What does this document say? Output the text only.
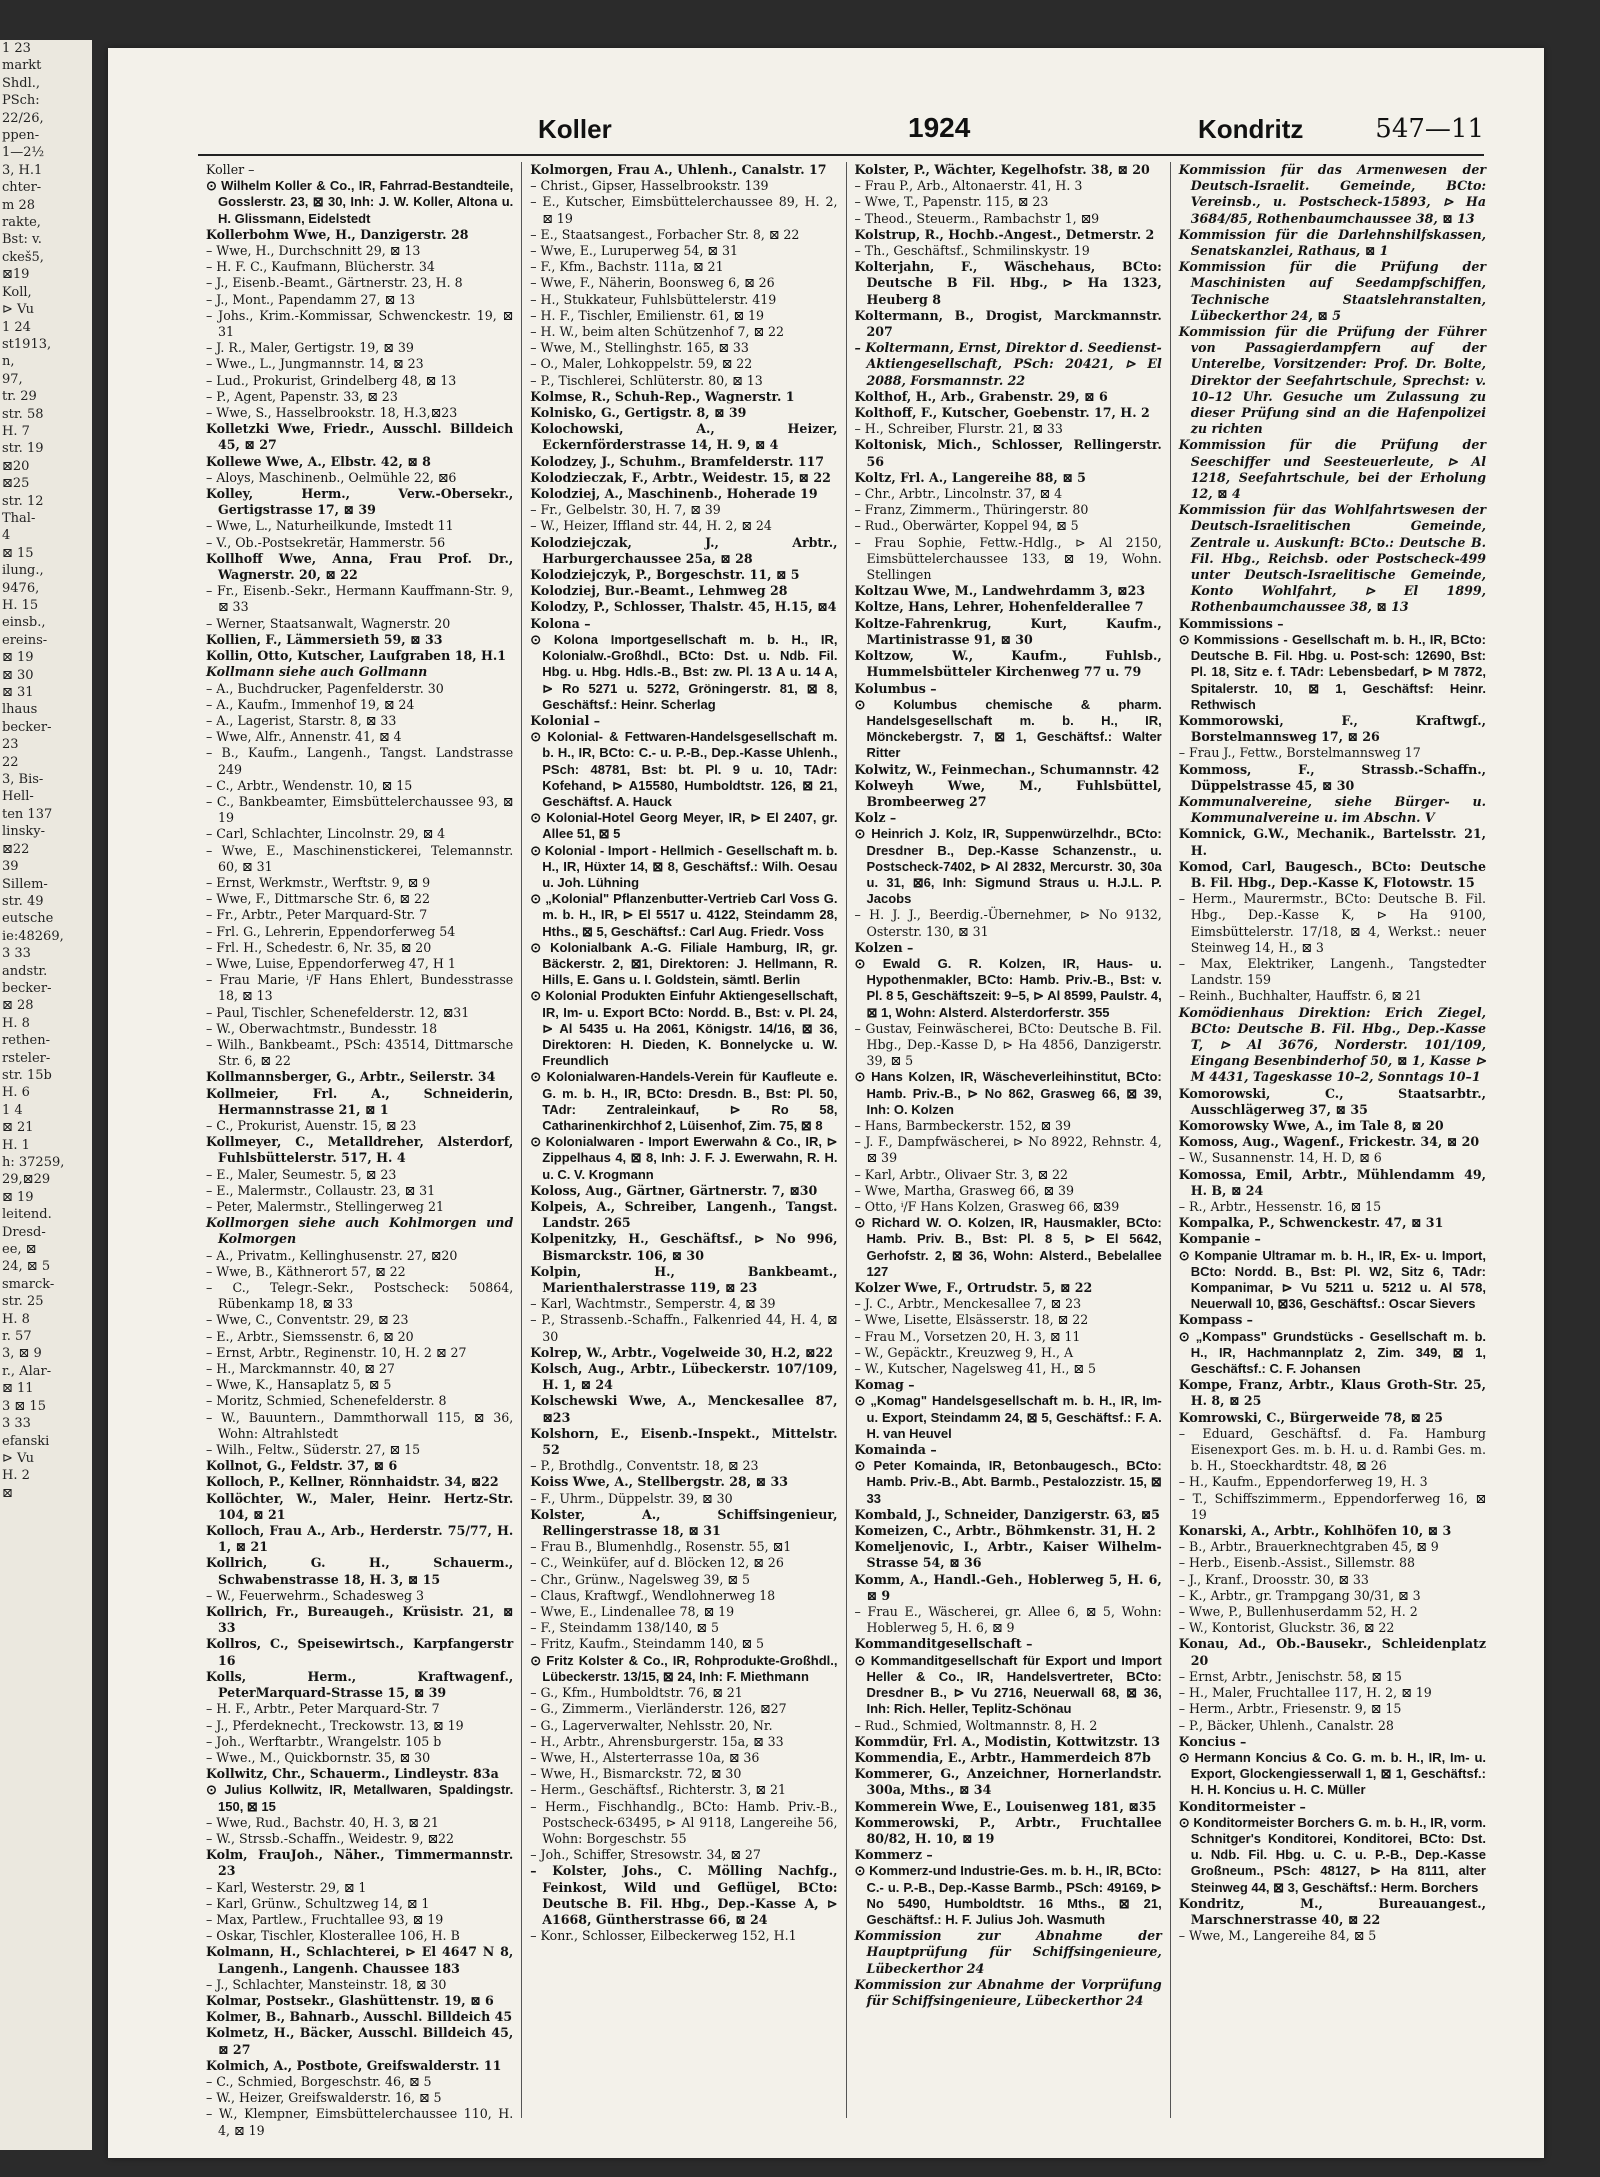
1 23
markt
Shdl.,
PSch:
22/26,
ppen-
1—2½
3, H.1
chter-
m 28
rakte,
Bst: v.
ckeš5,
⊠19
Koll,
⊳ Vu
1 24
st1913,
n,
97,
tr. 29
str. 58
H. 7
str. 19
⊠20
⊠25
str. 12
Thal-
4
⊠ 15
ilung.,
9476,
H. 15
einsb.,
ereins-
⊠ 19
⊠ 30
⊠ 31
lhaus
becker-
23
22
3, Bis-
Hell-
ten 137
linsky-
⊠22
39
Sillem-
str. 49
eutsche
ie:48269,
3 33
andstr.
becker-
⊠ 28
H. 8
rethen-
rsteler-
str. 15b
H. 6
1 4
⊠ 21
H. 1
h: 37259,
29,⊠29
⊠ 19
leitend.
Dresd-
ee, ⊠
24, ⊠ 5
smarck-
str. 25
H. 8
r. 57
3, ⊠ 9
r., Alar-
⊠ 11
3 ⊠ 15
3 33
efanski
⊳ Vu
H. 2
⊠
Koller	1924	Kondritz	547—11
Koller –
⊙ Wilhelm Koller & Co., IR, Fahrrad-Bestandteile, Gosslerstr. 23, ⊠ 30, Inh: J. W. Koller, Altona u. H. Glissmann, Eidelstedt
Kollerbohm Wwe, H., Danzigerstr. 28
– Wwe, H., Durchschnitt 29, ⊠ 13
– H. F. C., Kaufmann, Blücherstr. 34
– J., Eisenb.-Beamt., Gärtnerstr. 23, H. 8
– J., Mont., Papendamm 27, ⊠ 13
– Johs., Krim.-Kommissar, Schwenckestr. 19, ⊠ 31
– J. R., Maler, Gertigstr. 19, ⊠ 39
– Wwe., L., Jungmannstr. 14, ⊠ 23
– Lud., Prokurist, Grindelberg 48, ⊠ 13
– P., Agent, Papenstr. 33, ⊠ 23
– Wwe, S., Hasselbrookstr. 18, H.3,⊠23
Kolletzki Wwe, Friedr., Ausschl. Billdeich 45, ⊠ 27
Kollewe Wwe, A., Elbstr. 42, ⊠ 8
– Aloys, Maschinenb., Oelmühle 22, ⊠6
Kolley, Herm., Verw.-Obersekr., Gertigstrasse 17, ⊠ 39
– Wwe, L., Naturheilkunde, Imstedt 11
– V., Ob.-Postsekretär, Hammerstr. 56
Kollhoff Wwe, Anna, Frau Prof. Dr., Wagnerstr. 20, ⊠ 22
– Fr., Eisenb.-Sekr., Hermann Kauffmann-Str. 9, ⊠ 33
– Werner, Staatsanwalt, Wagnerstr. 20
Kollien, F., Lämmersieth 59, ⊠ 33
Kollin, Otto, Kutscher, Laufgraben 18, H.1
Kollmann siehe auch Gollmann
– A., Buchdrucker, Pagenfelderstr. 30
– A., Kaufm., Immenhof 19, ⊠ 24
– A., Lagerist, Starstr. 8, ⊠ 33
– Wwe, Alfr., Annenstr. 41, ⊠ 4
– B., Kaufm., Langenh., Tangst. Landstrasse 249
– C., Arbtr., Wendenstr. 10, ⊠ 15
– C., Bankbeamter, Eimsbüttelerchaussee 93, ⊠ 19
– Carl, Schlachter, Lincolnstr. 29, ⊠ 4
– Wwe, E., Maschinenstickerei, Telemannstr. 60, ⊠ 31
– Ernst, Werkmstr., Werftstr. 9, ⊠ 9
– Wwe, F., Dittmarsche Str. 6, ⊠ 22
– Fr., Arbtr., Peter Marquard-Str. 7
– Frl. G., Lehrerin, Eppendorferweg 54
– Frl. H., Schedestr. 6, Nr. 35, ⊠ 20
– Wwe, Luise, Eppendorferweg 47, H 1
– Frau Marie, ⁱ/F Hans Ehlert, Bundesstrasse 18, ⊠ 13
– Paul, Tischler, Schenefelderstr. 12, ⊠31
– W., Oberwachtmstr., Bundesstr. 18
– Wilh., Bankbeamt., PSch: 43514, Dittmarsche Str. 6, ⊠ 22
Kollmannsberger, G., Arbtr., Seilerstr. 34
Kollmeier, Frl. A., Schneiderin, Hermannstrasse 21, ⊠ 1
– C., Prokurist, Auenstr. 15, ⊠ 23
Kollmeyer, C., Metalldreher, Alsterdorf, Fuhlsbüttelerstr. 517, H. 4
– E., Maler, Seumestr. 5, ⊠ 23
– E., Malermstr., Collaustr. 23, ⊠ 31
– Peter, Malermstr., Stellingerweg 21
Kollmorgen siehe auch Kohlmorgen und Kolmorgen
– A., Privatm., Kellinghusenstr. 27, ⊠20
– Wwe, B., Käthnerort 57, ⊠ 22
– C., Telegr.-Sekr., Postscheck: 50864, Rübenkamp 18, ⊠ 33
– Wwe, C., Conventstr. 29, ⊠ 23
– E., Arbtr., Siemssenstr. 6, ⊠ 20
– Ernst, Arbtr., Reginenstr. 10, H. 2 ⊠ 27
– H., Marckmannstr. 40, ⊠ 27
– Wwe, K., Hansaplatz 5, ⊠ 5
– Moritz, Schmied, Schenefelderstr. 8
– W., Bauuntern., Dammthorwall 115, ⊠ 36, Wohn: Altrahlstedt
– Wilh., Feltw., Süderstr. 27, ⊠ 15
Kollnot, G., Feldstr. 37, ⊠ 6
Kolloch, P., Kellner, Rönnhaidstr. 34, ⊠22
Kollöchter, W., Maler, Heinr. Hertz-Str. 104, ⊠ 21
Kolloch, Frau A., Arb., Herderstr. 75/77, H. 1, ⊠ 21
Kollrich, G. H., Schauerm., Schwabenstrasse 18, H. 3, ⊠ 15
– W., Feuerwehrm., Schadesweg 3
Kollrich, Fr., Bureaugeh., Krüsistr. 21, ⊠ 33
Kollros, C., Speisewirtsch., Karpfangerstr 16
Kolls, Herm., Kraftwagenf., PeterMarquard-Strasse 15, ⊠ 39
– H. F., Arbtr., Peter Marquard-Str. 7
– J., Pferdeknecht., Treckowstr. 13, ⊠ 19
– Joh., Werftarbtr., Wrangelstr. 105 b
– Wwe., M., Quickbornstr. 35, ⊠ 30
Kollwitz, Chr., Schauerm., Lindleystr. 83a
⊙ Julius Kollwitz, IR, Metallwaren, Spaldingstr. 150, ⊠ 15
– Wwe, Rud., Bachstr. 40, H. 3, ⊠ 21
– W., Strssb.-Schaffn., Weidestr. 9, ⊠22
Kolm, FrauJoh., Näher., Timmermannstr. 23
– Karl, Westerstr. 29, ⊠ 1
– Karl, Grünw., Schultzweg 14, ⊠ 1
– Max, Partlew., Fruchtallee 93, ⊠ 19
– Oskar, Tischler, Klosterallee 106, H. B
Kolmann, H., Schlachterei, ⊳ El 4647 N 8, Langenh., Langenh. Chaussee 183
– J., Schlachter, Mansteinstr. 18, ⊠ 30
Kolmar, Postsekr., Glashüttenstr. 19, ⊠ 6
Kolmer, B., Bahnarb., Ausschl. Billdeich 45
Kolmetz, H., Bäcker, Ausschl. Billdeich 45, ⊠ 27
Kolmich, A., Postbote, Greifswalderstr. 11
– C., Schmied, Borgeschstr. 46, ⊠ 5
– W., Heizer, Greifswalderstr. 16, ⊠ 5
– W., Klempner, Eimsbüttelerchaussee 110, H. 4, ⊠ 19
Kolmorgen, Frau A., Uhlenh., Canalstr. 17
– Christ., Gipser, Hasselbrookstr. 139
– E., Kutscher, Eimsbüttelerchaussee 89, H. 2, ⊠ 19
– E., Staatsangest., Forbacher Str. 8, ⊠ 22
– Wwe, E., Luruperweg 54, ⊠ 31
– F., Kfm., Bachstr. 111a, ⊠ 21
– Wwe, F., Näherin, Boonsweg 6, ⊠ 26
– H., Stukkateur, Fuhlsbüttelerstr. 419
– H. F., Tischler, Emilienstr. 61, ⊠ 19
– H. W., beim alten Schützenhof 7, ⊠ 22
– Wwe, M., Stellinghstr. 165, ⊠ 33
– O., Maler, Lohkoppelstr. 59, ⊠ 22
– P., Tischlerei, Schlüterstr. 80, ⊠ 13
Kolmse, R., Schuh-Rep., Wagnerstr. 1
Kolnisko, G., Gertigstr. 8, ⊠ 39
Kolochowski, A., Heizer, Eckernförderstrasse 14, H. 9, ⊠ 4
Kolodzey, J., Schuhm., Bramfelderstr. 117
Kolodzieczak, F., Arbtr., Weidestr. 15, ⊠ 22
Kolodziej, A., Maschinenb., Hoherade 19
– Fr., Gelbelstr. 30, H. 7, ⊠ 39
– W., Heizer, Iffland str. 44, H. 2, ⊠ 24
Kolodziejczak, J., Arbtr., Harburgerchaussee 25a, ⊠ 28
Kolodziejczyk, P., Borgeschstr. 11, ⊠ 5
Kolodziej, Bur.-Beamt., Lehmweg 28
Kolodzy, P., Schlosser, Thalstr. 45, H.15, ⊠4
Kolona –
⊙ Kolona Importgesellschaft m. b. H., IR, Kolonialw.-Großhdl., BCto: Dst. u. Ndb. Fil. Hbg. u. Hbg. Hdls.-B., Bst: zw. Pl. 13 A u. 14 A, ⊳ Ro 5271 u. 5272, Gröningerstr. 81, ⊠ 8, Geschäftsf.: Heinr. Scherlag
Kolonial –
⊙ Kolonial- & Fettwaren-Handelsgesellschaft m. b. H., IR, BCto: C.- u. P.-B., Dep.-Kasse Uhlenh., PSch: 48781, Bst: bt. Pl. 9 u. 10, TAdr: Kofehand, ⊳ A15580, Humboldtstr. 126, ⊠ 21, Geschäftsf. A. Hauck
⊙ Kolonial-Hotel Georg Meyer, IR, ⊳ El 2407, gr. Allee 51, ⊠ 5
⊙ Kolonial - Import - Hellmich - Gesellschaft m. b. H., IR, Hüxter 14, ⊠ 8, Geschäftsf.: Wilh. Oesau u. Joh. Lühning
⊙ „Kolonial" Pflanzenbutter-Vertrieb Carl Voss G. m. b. H., IR, ⊳ El 5517 u. 4122, Steindamm 28, Hths., ⊠ 5, Geschäftsf.: Carl Aug. Friedr. Voss
⊙ Kolonialbank A.-G. Filiale Hamburg, IR, gr. Bäckerstr. 2, ⊠1, Direktoren: J. Hellmann, R. Hills, E. Gans u. I. Goldstein, sämtl. Berlin
⊙ Kolonial Produkten Einfuhr Aktiengesellschaft, IR, Im- u. Export BCto: Nordd. B., Bst: v. Pl. 24, ⊳ Al 5435 u. Ha 2061, Königstr. 14/16, ⊠ 36, Direktoren: H. Dieden, K. Bonnelycke u. W. Freundlich
⊙ Kolonialwaren-Handels-Verein für Kaufleute e. G. m. b. H., IR, BCto: Dresdn. B., Bst: Pl. 50, TAdr: Zentraleinkauf, ⊳ Ro 58, Catharinenkirchhof 2, Lüisenhof, Zim. 75, ⊠ 8
⊙ Kolonialwaren - Import Ewerwahn & Co., IR, ⊳ Zippelhaus 4, ⊠ 8, Inh: J. F. J. Ewerwahn, R. H. u. C. V. Krogmann
Koloss, Aug., Gärtner, Gärtnerstr. 7, ⊠30
Kolpeis, A., Schreiber, Langenh., Tangst. Landstr. 265
Kolpenitzky, H., Geschäftsf., ⊳ No 996, Bismarckstr. 106, ⊠ 30
Kolpin, H., Bankbeamt., Marienthalerstrasse 119, ⊠ 23
– Karl, Wachtmstr., Semperstr. 4, ⊠ 39
– P., Strassenb.-Schaffn., Falkenried 44, H. 4, ⊠ 30
Kolrep, W., Arbtr., Vogelweide 30, H.2, ⊠22
Kolsch, Aug., Arbtr., Lübeckerstr. 107/109, H. 1, ⊠ 24
Kolschewski Wwe, A., Menckesallee 87, ⊠23
Kolshorn, E., Eisenb.-Inspekt., Mittelstr. 52
– P., Brothdlg., Conventstr. 18, ⊠ 23
Koiss Wwe, A., Stellbergstr. 28, ⊠ 33
– F., Uhrm., Düppelstr. 39, ⊠ 30
Kolster, A., Schiffsingenieur, Rellingerstrasse 18, ⊠ 31
– Frau B., Blumenhdlg., Rosenstr. 55, ⊠1
– C., Weinküfer, auf d. Blöcken 12, ⊠ 26
– Chr., Grünw., Nagelsweg 39, ⊠ 5
– Claus, Kraftwgf., Wendlohnerweg 18
– Wwe, E., Lindenallee 78, ⊠ 19
– F., Steindamm 138/140, ⊠ 5
– Fritz, Kaufm., Steindamm 140, ⊠ 5
⊙ Fritz Kolster & Co., IR, Rohprodukte-Großhdl., Lübeckerstr. 13/15, ⊠ 24, Inh: F. Miethmann
– G., Kfm., Humboldtstr. 76, ⊠ 21
– G., Zimmerm., Vierländerstr. 126, ⊠27
– G., Lagerverwalter, Nehlsstr. 20, Nr.
– H., Arbtr., Ahrensburgerstr. 15a, ⊠ 33
– Wwe, H., Alsterterrasse 10a, ⊠ 36
– Wwe, H., Bismarckstr. 72, ⊠ 30
– Herm., Geschäftsf., Richterstr. 3, ⊠ 21
– Herm., Fischhandlg., BCto: Hamb. Priv.-B., Postscheck-63495, ⊳ Al 9118, Langereihe 56, Wohn: Borgeschstr. 55
– Joh., Schiffer, Stresowstr. 34, ⊠ 27
– Kolster, Johs., C. Mölling Nachfg., Feinkost, Wild und Geflügel, BCto: Deutsche B. Fil. Hbg., Dep.-Kasse A, ⊳ A1668, Güntherstrasse 66, ⊠ 24
– Konr., Schlosser, Eilbeckerweg 152, H.1
Kolster, P., Wächter, Kegelhofstr. 38, ⊠ 20
– Frau P., Arb., Altonaerstr. 41, H. 3
– Wwe, T., Papenstr. 115, ⊠ 23
– Theod., Steuerm., Rambachstr 1, ⊠9
Kolstrup, R., Hochb.-Angest., Detmerstr. 2
– Th., Geschäftsf., Schmilinskystr. 19
Kolterjahn, F., Wäschehaus, BCto: Deutsche B Fil. Hbg., ⊳ Ha 1323, Heuberg 8
Koltermann, B., Drogist, Marckmannstr. 207
– Koltermann, Ernst, Direktor d. Seedienst-Aktiengesellschaft, PSch: 20421, ⊳ El 2088, Forsmannstr. 22
Kolthof, H., Arb., Grabenstr. 29, ⊠ 6
Kolthoff, F., Kutscher, Goebenstr. 17, H. 2
– H., Schreiber, Flurstr. 21, ⊠ 33
Koltonisk, Mich., Schlosser, Rellingerstr. 56
Koltz, Frl. A., Langereihe 88, ⊠ 5
– Chr., Arbtr., Lincolnstr. 37, ⊠ 4
– Franz, Zimmerm., Thüringerstr. 80
– Rud., Oberwärter, Koppel 94, ⊠ 5
– Frau Sophie, Fettw.-Hdlg., ⊳ Al 2150, Eimsbüttelerchaussee 133, ⊠ 19, Wohn. Stellingen
Koltzau Wwe, M., Landwehrdamm 3, ⊠23
Koltze, Hans, Lehrer, Hohenfelderallee 7
Koltze-Fahrenkrug, Kurt, Kaufm., Martinistrasse 91, ⊠ 30
Koltzow, W., Kaufm., Fuhlsb., Hummelsbütteler Kirchenweg 77 u. 79
Kolumbus –
⊙ Kolumbus chemische & pharm. Handelsgesellschaft m. b. H., IR, Mönckebergstr. 7, ⊠ 1, Geschäftsf.: Walter Ritter
Kolwitz, W., Feinmechan., Schumannstr. 42
Kolweyh Wwe, M., Fuhlsbüttel, Brombeerweg 27
Kolz –
⊙ Heinrich J. Kolz, IR, Suppenwürzelhdr., BCto: Dresdner B., Dep.-Kasse Schanzenstr., u. Postscheck-7402, ⊳ Al 2832, Mercurstr. 30, 30a u. 31, ⊠6, Inh: Sigmund Straus u. H.J.L. P. Jacobs
– H. J. J., Beerdig.-Übernehmer, ⊳ No 9132, Osterstr. 130, ⊠ 31
Kolzen –
⊙ Ewald G. R. Kolzen, IR, Haus- u. Hypothenmakler, BCto: Hamb. Priv.-B., Bst: v. Pl. 8 5, Geschäftszeit: 9–5, ⊳ Al 8599, Paulstr. 4, ⊠ 1, Wohn: Alsterd. Alsterdorferstr. 355
– Gustav, Feinwäscherei, BCto: Deutsche B. Fil. Hbg., Dep.-Kasse D, ⊳ Ha 4856, Danzigerstr. 39, ⊠ 5
⊙ Hans Kolzen, IR, Wäscheverleihinstitut, BCto: Hamb. Priv.-B., ⊳ No 862, Grasweg 66, ⊠ 39, Inh: O. Kolzen
– Hans, Barmbeckerstr. 152, ⊠ 39
– J. F., Dampfwäscherei, ⊳ No 8922, Rehnstr. 4, ⊠ 39
– Karl, Arbtr., Olivaer Str. 3, ⊠ 22
– Wwe, Martha, Grasweg 66, ⊠ 39
– Otto, ⁱ/F Hans Kolzen, Grasweg 66, ⊠39
⊙ Richard W. O. Kolzen, IR, Hausmakler, BCto: Hamb. Priv. B., Bst: Pl. 8 5, ⊳ El 5642, Gerhofstr. 2, ⊠ 36, Wohn: Alsterd., Bebelallee 127
Kolzer Wwe, F., Ortrudstr. 5, ⊠ 22
– J. C., Arbtr., Menckesallee 7, ⊠ 23
– Wwe, Lisette, Elsässerstr. 18, ⊠ 22
– Frau M., Vorsetzen 20, H. 3, ⊠ 11
– W., Gepäcktr., Kreuzweg 9, H., A
– W., Kutscher, Nagelsweg 41, H., ⊠ 5
Komag –
⊙ „Komag" Handelsgesellschaft m. b. H., IR, Im- u. Export, Steindamm 24, ⊠ 5, Geschäftsf.: F. A. H. van Heuvel
Komainda –
⊙ Peter Komainda, IR, Betonbaugesch., BCto: Hamb. Priv.-B., Abt. Barmb., Pestalozzistr. 15, ⊠ 33
Kombald, J., Schneider, Danzigerstr. 63, ⊠5
Komeizen, C., Arbtr., Böhmkenstr. 31, H. 2
Komeljenovic, I., Arbtr., Kaiser Wilhelm-Strasse 54, ⊠ 36
Komm, A., Handl.-Geh., Hoblerweg 5, H. 6, ⊠ 9
– Frau E., Wäscherei, gr. Allee 6, ⊠ 5, Wohn: Hoblerweg 5, H. 6, ⊠ 9
Kommanditgesellschaft –
⊙ Kommanditgesellschaft für Export und Import Heller & Co., IR, Handelsvertreter, BCto: Dresdner B., ⊳ Vu 2716, Neuerwall 68, ⊠ 36, Inh: Rich. Heller, Teplitz-Schönau
– Rud., Schmied, Woltmannstr. 8, H. 2
Kommdür, Frl. A., Modistin, Kottwitzstr. 13
Kommendia, E., Arbtr., Hammerdeich 87b
Kommerer, G., Anzeichner, Hornerlandstr. 300a, Mths., ⊠ 34
Kommerein Wwe, E., Louisenweg 181, ⊠35
Kommerowski, P., Arbtr., Fruchtallee 80/82, H. 10, ⊠ 19
Kommerz –
⊙ Kommerz-und Industrie-Ges. m. b. H., IR, BCto: C.- u. P.-B., Dep.-Kasse Barmb., PSch: 49169, ⊳ No 5490, Humboldtstr. 16 Mths., ⊠ 21, Geschäftsf.: H. F. Julius Joh. Wasmuth
Kommission zur Abnahme der Hauptprüfung für Schiffsingenieure, Lübeckerthor 24
Kommission zur Abnahme der Vorprüfung für Schiffsingenieure, Lübeckerthor 24
Kommission für das Armenwesen der Deutsch-Israelit. Gemeinde, BCto: Vereinsb., u. Postscheck-15893, ⊳ Ha 3684/85, Rothenbaumchaussee 38, ⊠ 13
Kommission für die Darlehnshilfskassen, Senatskanzlei, Rathaus, ⊠ 1
Kommission für die Prüfung der Maschinisten auf Seedampfschiffen, Technische Staatslehranstalten, Lübeckerthor 24, ⊠ 5
Kommission für die Prüfung der Führer von Passagierdampfern auf der Unterelbe, Vorsitzender: Prof. Dr. Bolte, Direktor der Seefahrtschule, Sprechst: v. 10–12 Uhr. Gesuche um Zulassung zu dieser Prüfung sind an die Hafenpolizei zu richten
Kommission für die Prüfung der Seeschiffer und Seesteuerleute, ⊳ Al 1218, Seefahrtschule, bei der Erholung 12, ⊠ 4
Kommission für das Wohlfahrtswesen der Deutsch-Israelitischen Gemeinde, Zentrale u. Auskunft: BCto.: Deutsche B. Fil. Hbg., Reichsb. oder Postscheck-499 unter Deutsch-Israelitische Gemeinde, Konto Wohlfahrt, ⊳ El 1899, Rothenbaumchaussee 38, ⊠ 13
Kommissions –
⊙ Kommissions - Gesellschaft m. b. H., IR, BCto: Deutsche B. Fil. Hbg. u. Post-sch: 12690, Bst: Pl. 18, Sitz e. f. TAdr: Lebensbedarf, ⊳ M 7872, Spitalerstr. 10, ⊠ 1, Geschäftsf: Heinr. Rethwisch
Kommorowski, F., Kraftwgf., Borstelmannsweg 17, ⊠ 26
– Frau J., Fettw., Borstelmannsweg 17
Kommoss, F., Strassb.-Schaffn., Düppelstrasse 45, ⊠ 30
Kommunalvereine, siehe Bürger- u. Kommunalvereine u. im Abschn. V
Komnick, G.W., Mechanik., Bartelsstr. 21, H.
Komod, Carl, Baugesch., BCto: Deutsche B. Fil. Hbg., Dep.-Kasse K, Flotowstr. 15
– Herm., Maurermstr., BCto: Deutsche B. Fil. Hbg., Dep.-Kasse K, ⊳ Ha 9100, Eimsbüttelerstr. 17/18, ⊠ 4, Werkst.: neuer Steinweg 14, H., ⊠ 3
– Max, Elektriker, Langenh., Tangstedter Landstr. 159
– Reinh., Buchhalter, Hauffstr. 6, ⊠ 21
Komödienhaus Direktion: Erich Ziegel, BCto: Deutsche B. Fil. Hbg., Dep.-Kasse T, ⊳ Al 3676, Norderstr. 101/109, Eingang Besenbinderhof 50, ⊠ 1, Kasse ⊳ M 4431, Tageskasse 10–2, Sonntags 10–1
Komorowski, C., Staatsarbtr., Ausschlägerweg 37, ⊠ 35
Komorowsky Wwe, A., im Tale 8, ⊠ 20
Komoss, Aug., Wagenf., Frickestr. 34, ⊠ 20
– W., Susannenstr. 14, H. D, ⊠ 6
Komossa, Emil, Arbtr., Mühlendamm 49, H. B, ⊠ 24
– R., Arbtr., Hessenstr. 16, ⊠ 15
Kompalka, P., Schwenckestr. 47, ⊠ 31
Kompanie –
⊙ Kompanie Ultramar m. b. H., IR, Ex- u. Import, BCto: Nordd. B., Bst: Pl. W2, Sitz 6, TAdr: Kompanimar, ⊳ Vu 5211 u. 5212 u. Al 578, Neuerwall 10, ⊠36, Geschäftsf.: Oscar Sievers
Kompass –
⊙ „Kompass" Grundstücks - Gesellschaft m. b. H., IR, Hachmannplatz 2, Zim. 349, ⊠ 1, Geschäftsf.: C. F. Johansen
Kompe, Franz, Arbtr., Klaus Groth-Str. 25, H. 8, ⊠ 25
Komrowski, C., Bürgerweide 78, ⊠ 25
– Eduard, Geschäftsf. d. Fa. Hamburg Eisenexport Ges. m. b. H. u. d. Rambi Ges. m. b. H., Stoeckhardtstr. 48, ⊠ 26
– H., Kaufm., Eppendorferweg 19, H. 3
– T., Schiffszimmerm., Eppendorferweg 16, ⊠ 19
Konarski, A., Arbtr., Kohlhöfen 10, ⊠ 3
– B., Arbtr., Brauerknechtgraben 45, ⊠ 9
– Herb., Eisenb.-Assist., Sillemstr. 88
– J., Kranf., Droosstr. 30, ⊠ 33
– K., Arbtr., gr. Trampgang 30/31, ⊠ 3
– Wwe, P., Bullenhuserdamm 52, H. 2
– W., Kontorist, Gluckstr. 36, ⊠ 22
Konau, Ad., Ob.-Bausekr., Schleidenplatz 20
– Ernst, Arbtr., Jenischstr. 58, ⊠ 15
– H., Maler, Fruchtallee 117, H. 2, ⊠ 19
– Herm., Arbtr., Friesenstr. 9, ⊠ 15
– P., Bäcker, Uhlenh., Canalstr. 28
Koncius –
⊙ Hermann Koncius & Co. G. m. b. H., IR, Im- u. Export, Glockengiesserwall 1, ⊠ 1, Geschäftsf.: H. H. Koncius u. H. C. Müller
Konditormeister –
⊙ Konditormeister Borchers G. m. b. H., IR, vorm. Schnitger's Konditorei, Konditorei, BCto: Dst. u. Ndb. Fil. Hbg. u. C. u. P.-B., Dep.-Kasse Großneum., PSch: 48127, ⊳ Ha 8111, alter Steinweg 44, ⊠ 3, Geschäftsf.: Herm. Borchers
Kondritz, M., Bureauangest., Marschnerstrasse 40, ⊠ 22
– Wwe, M., Langereihe 84, ⊠ 5
